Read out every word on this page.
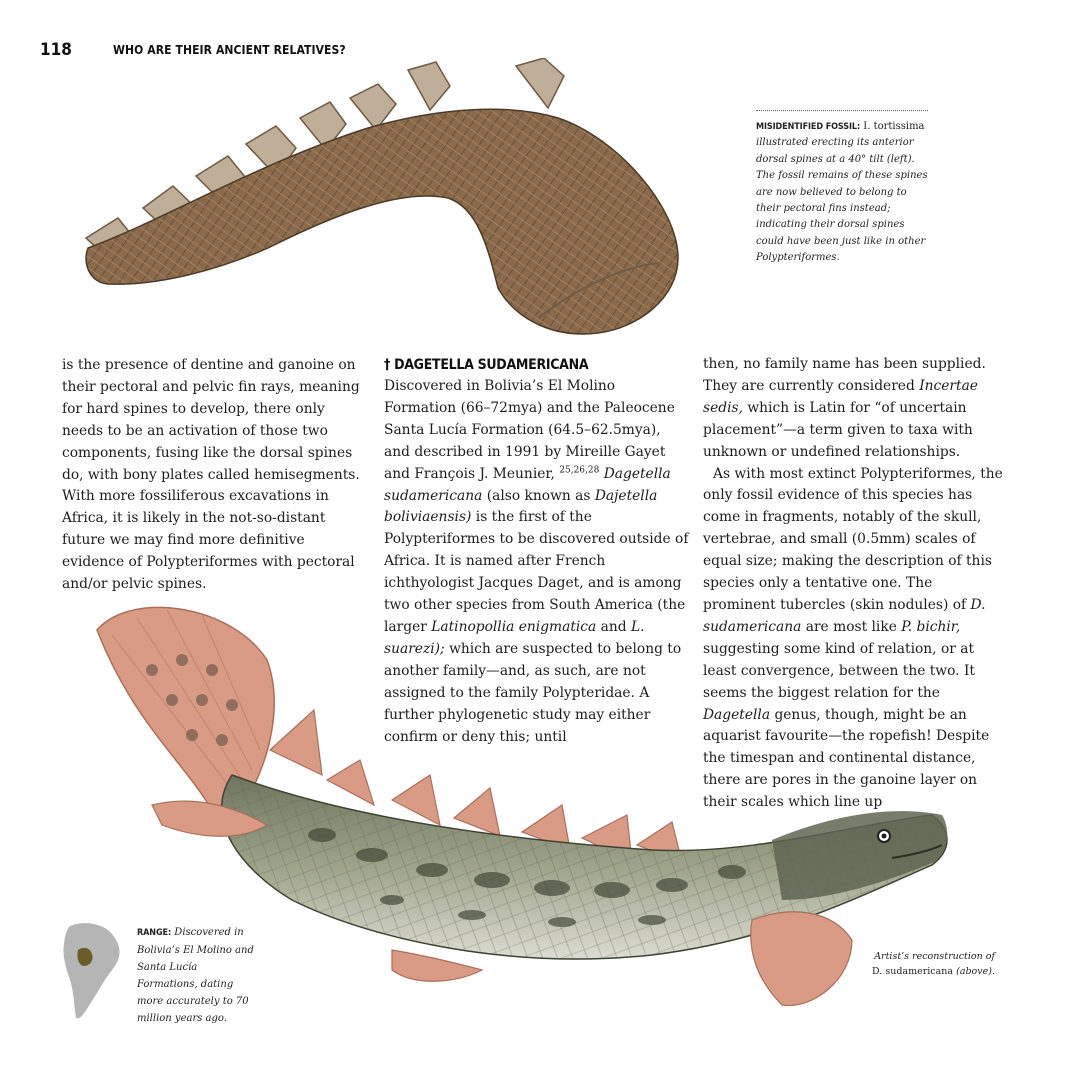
118	WHO ARE THEIR ANCIENT RELATIVES?
MISIDENTIFIED FOSSIL: I. tortissima illustrated erecting its anterior dorsal spines at a 40° tilt (left). The fossil remains of these spines are now believed to belong to their pectoral fins instead; indicating their dorsal spines could have been just like in other Polypteriformes.

is the presence of dentine and ganoine on their pectoral and pelvic fin rays, meaning for hard spines to develop, there only needs to be an activation of those two components, fusing like the dorsal spines do, with bony plates called hemisegments. With more fossiliferous excavations in Africa, it is likely in the not-so-distant future we may find more definitive evidence of Polypteriformes with pectoral and/or pelvic spines.

† DAGETELLA SUDAMERICANA

Discovered in Bolivia’s El Molino Formation (66–72mya) and the Paleocene Santa Lucía Formation (64.5–62.5mya), and described in 1991 by Mireille Gayet and François J. Meunier, $^{25,26,28}$ Dagetella sudamericana (also known as Dajetella boliviaensis) is the first of the Polypteriformes to be discovered outside of Africa. It is named after French ichthyologist Jacques Daget, and is among two other species from South America (the larger Latinopollia enigmatica and L. suarezi); which are suspected to belong to another family—and, as such, are not assigned to the family Polypteridae. A further phylogenetic study may either confirm or deny this; until

then, no family name has been supplied. They are currently considered Incertae sedis, which is Latin for “of uncertain placement”—a term given to taxa with unknown or undefined relationships.

As with most extinct Polypteriformes, the only fossil evidence of this species has come in fragments, notably of the skull, vertebrae, and small (0.5mm) scales of equal size; making the description of this species only a tentative one. The prominent tubercles (skin nodules) of D. sudamericana are most like P. bichir, suggesting some kind of relation, or at least convergence, between the two. It seems the biggest relation for the Dagetella genus, though, might be an aquarist favourite—the ropefish! Despite the timespan and continental distance, there are pores in the ganoine layer on their scales which line up

RANGE: Discovered in Bolivia’s El Molino and Santa Lucía Formations, dating more accurately to 70 million years ago.
Artist’s reconstruction of
D. sudamericana (above).
